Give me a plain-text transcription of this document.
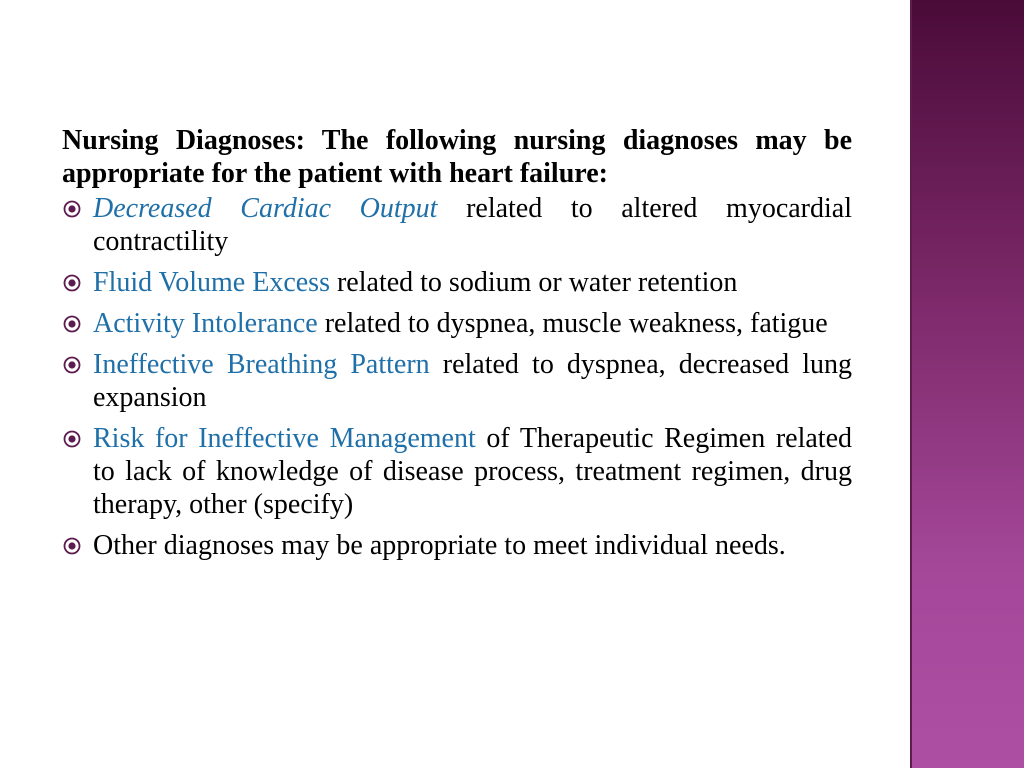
Nursing Diagnoses: The following nursing diagnoses may be appropriate for the patient with heart failure:

Decreased Cardiac Output related to altered myocardial contractility
Fluid Volume Excess related to sodium or water retention
Activity Intolerance related to dyspnea, muscle weakness, fatigue
Ineffective Breathing Pattern related to dyspnea, decreased lung expansion
Risk for Ineffective Management of Therapeutic Regimen related to lack of knowledge of disease process, treatment regimen, drug therapy, other (specify)
Other diagnoses may be appropriate to meet individual needs.
